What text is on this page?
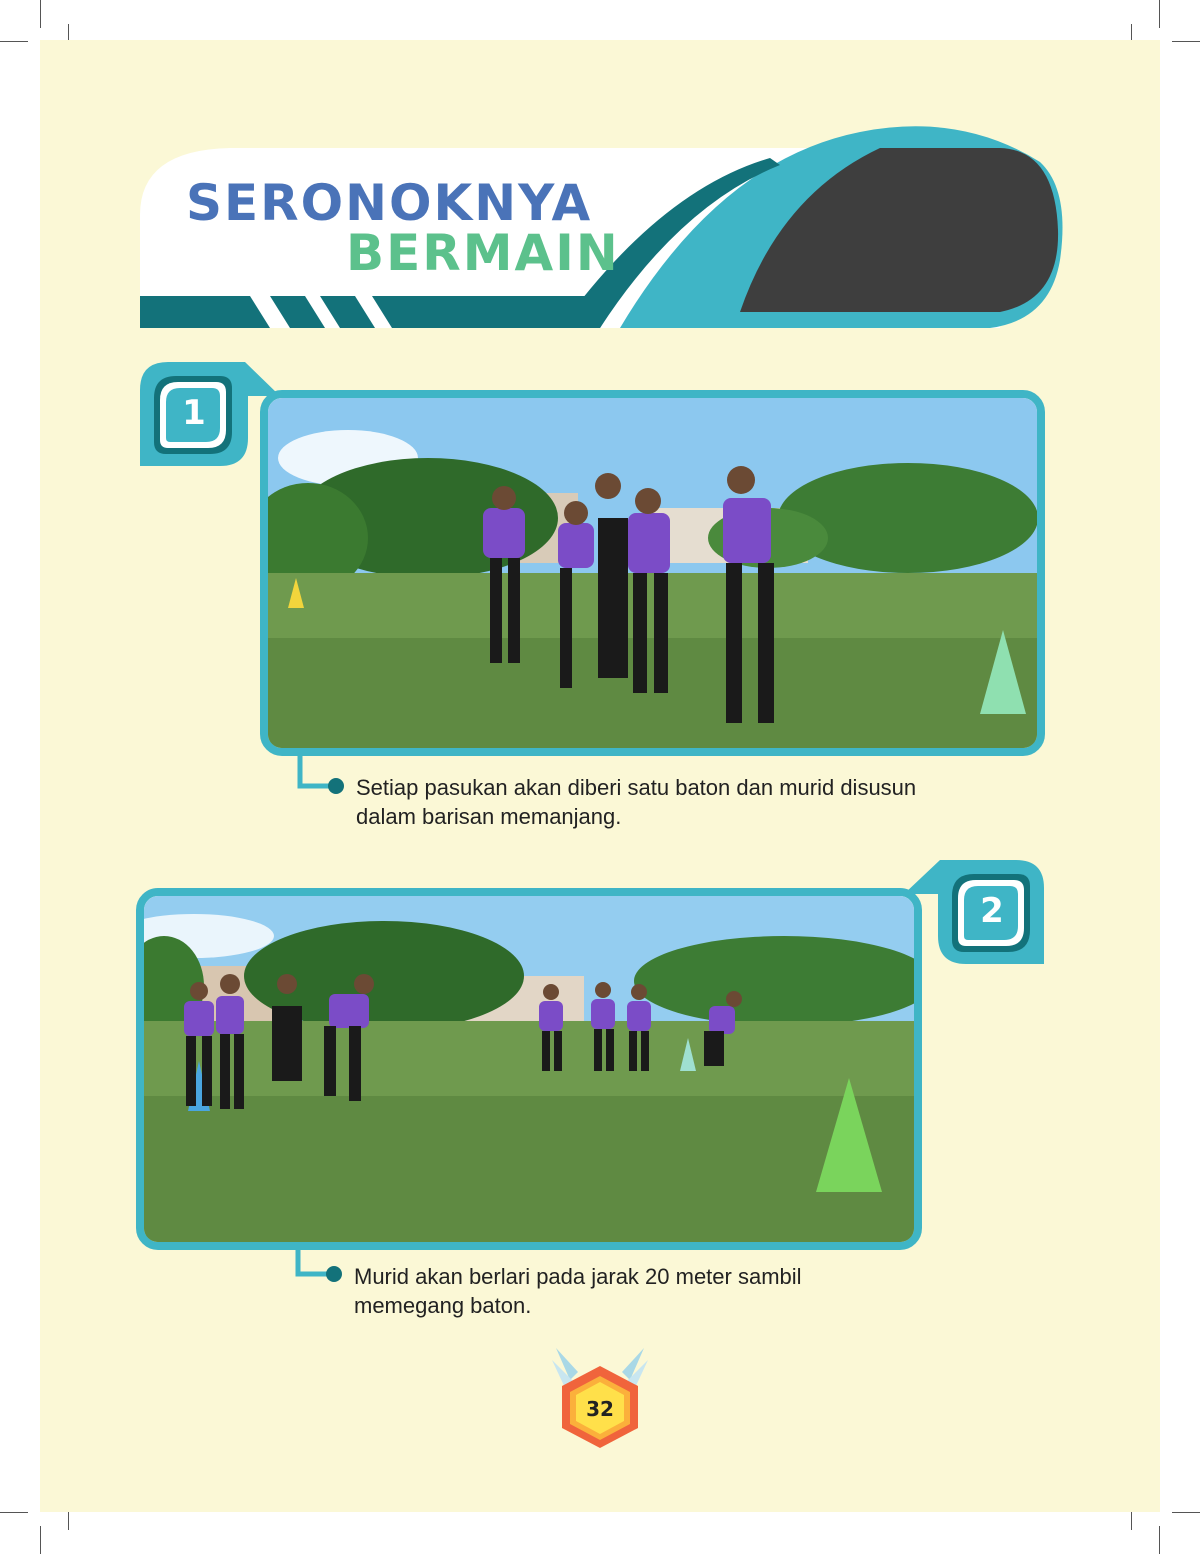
SERONOKNYA
BERMAIN
1
Setiap pasukan akan diberi satu baton dan murid disusun
dalam barisan memanjang.
2
Murid akan berlari pada jarak 20 meter sambil
memegang baton.
32
